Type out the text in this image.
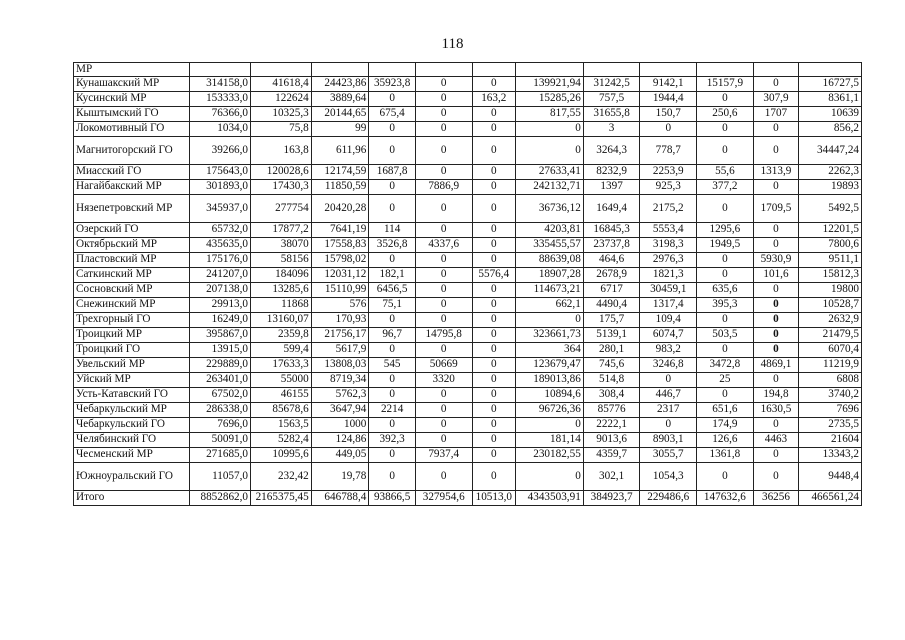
118
МР												
Кунашакский МР	314158,0	41618,4	24423,86	35923,8	0	0	139921,94	31242,5	9142,1	15157,9	0	16727,5
Кусинский МР	153333,0	122624	3889,64	0	0	163,2	15285,26	757,5	1944,4	0	307,9	8361,1
Кыштымский ГО	76366,0	10325,3	20144,65	675,4	0	0	817,55	31655,8	150,7	250,6	1707	10639
Локомотивный ГО	1034,0	75,8	99	0	0	0	0	3	0	0	0	856,2
Магнитогорский ГО	39266,0	163,8	611,96	0	0	0	0	3264,3	778,7	0	0	34447,24
Миасский ГО	175643,0	120028,6	12174,59	1687,8	0	0	27633,41	8232,9	2253,9	55,6	1313,9	2262,3
Нагайбакский МР	301893,0	17430,3	11850,59	0	7886,9	0	242132,71	1397	925,3	377,2	0	19893
Нязепетровский МР	345937,0	277754	20420,28	0	0	0	36736,12	1649,4	2175,2	0	1709,5	5492,5
Озерский ГО	65732,0	17877,2	7641,19	114	0	0	4203,81	16845,3	5553,4	1295,6	0	12201,5
Октябрьский МР	435635,0	38070	17558,83	3526,8	4337,6	0	335455,57	23737,8	3198,3	1949,5	0	7800,6
Пластовский МР	175176,0	58156	15798,02	0	0	0	88639,08	464,6	2976,3	0	5930,9	9511,1
Саткинский МР	241207,0	184096	12031,12	182,1	0	5576,4	18907,28	2678,9	1821,3	0	101,6	15812,3
Сосновский МР	207138,0	13285,6	15110,99	6456,5	0	0	114673,21	6717	30459,1	635,6	0	19800
Снежинский МР	29913,0	11868	576	75,1	0	0	662,1	4490,4	1317,4	395,3	0	10528,7
Трехгорный ГО	16249,0	13160,07	170,93	0	0	0	0	175,7	109,4	0	0	2632,9
Троицкий МР	395867,0	2359,8	21756,17	96,7	14795,8	0	323661,73	5139,1	6074,7	503,5	0	21479,5
Троицкий ГО	13915,0	599,4	5617,9	0	0	0	364	280,1	983,2	0	0	6070,4
Увельский МР	229889,0	17633,3	13808,03	545	50669	0	123679,47	745,6	3246,8	3472,8	4869,1	11219,9
Уйский МР	263401,0	55000	8719,34	0	3320	0	189013,86	514,8	0	25	0	6808
Усть-Катавский ГО	67502,0	46155	5762,3	0	0	0	10894,6	308,4	446,7	0	194,8	3740,2
Чебаркульский МР	286338,0	85678,6	3647,94	2214	0	0	96726,36	85776	2317	651,6	1630,5	7696
Чебаркульский ГО	7696,0	1563,5	1000	0	0	0	0	2222,1	0	174,9	0	2735,5
Челябинский ГО	50091,0	5282,4	124,86	392,3	0	0	181,14	9013,6	8903,1	126,6	4463	21604
Чесменский МР	271685,0	10995,6	449,05	0	7937,4	0	230182,55	4359,7	3055,7	1361,8	0	13343,2
Южноуральский ГО	11057,0	232,42	19,78	0	0	0	0	302,1	1054,3	0	0	9448,4
Итого	8852862,0	2165375,45	646788,4	93866,5	327954,6	10513,0	4343503,91	384923,7	229486,6	147632,6	36256	466561,24
